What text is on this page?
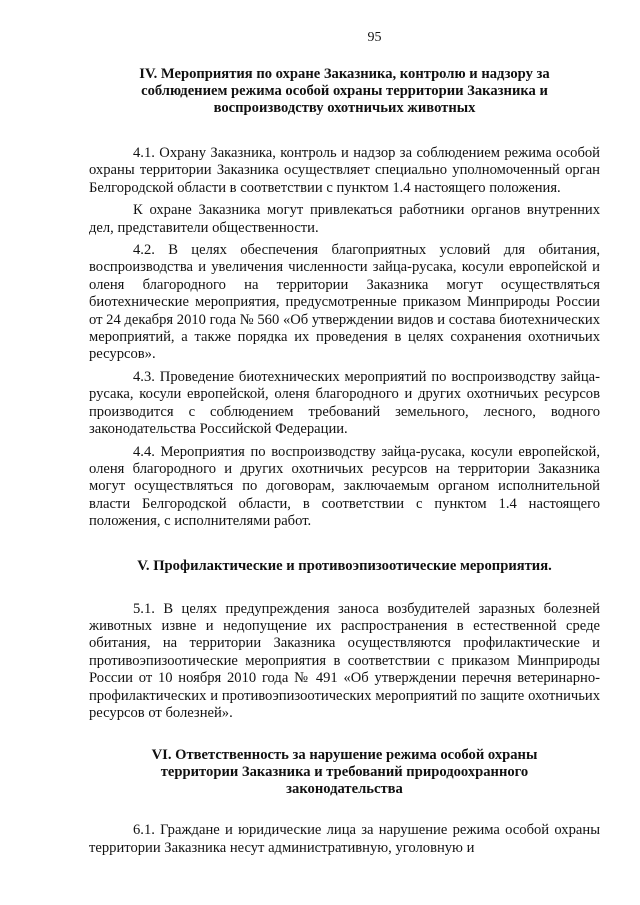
95
IV. Мероприятия по охране Заказника, контролю и надзору за соблюдением режима особой охраны территории Заказника и воспроизводству охотничьих животных

4.1. Охрану Заказника, контроль и надзор за соблюдением режима особой охраны территории Заказника осуществляет специально уполномоченный орган Белгородской области в соответствии с пунктом 1.4 настоящего положения.

К охране Заказника могут привлекаться работники органов внутренних дел, представители общественности.

4.2. В целях обеспечения благоприятных условий для обитания, воспроизводства и увеличения численности зайца-русака, косули европейской и оленя благородного на территории Заказника могут осуществляться биотехнические мероприятия, предусмотренные приказом Минприроды России от 24 декабря 2010 года № 560 «Об утверждении видов и состава биотехнических мероприятий, а также порядка их проведения в целях сохранения охотничьих ресурсов».

4.3. Проведение биотехнических мероприятий по воспроизводству зайца-русака, косули европейской, оленя благородного и других охотничьих ресурсов производится с соблюдением требований земельного, лесного, водного законодательства Российской Федерации.

4.4. Мероприятия по воспроизводству зайца-русака, косули европейской, оленя благородного и других охотничьих ресурсов на территории Заказника могут осуществляться по договорам, заключаемым органом исполнительной власти Белгородской области, в соответствии с пунктом 1.4 настоящего положения, с исполнителями работ.

V. Профилактические и противоэпизоотические мероприятия.

5.1. В целях предупреждения заноса возбудителей заразных болезней животных извне и недопущение их распространения в естественной среде обитания, на территории Заказника осуществляются профилактические и противоэпизоотические мероприятия в соответствии с приказом Минприроды России от 10 ноября 2010 года № 491 «Об утверждении перечня ветеринарно-профилактических и противоэпизоотических мероприятий по защите охотничьих ресурсов от болезней».

VI. Ответственность за нарушение режима особой охраны территории Заказника и требований природоохранного законодательства

6.1. Граждане и юридические лица за нарушение режима особой охраны территории Заказника несут административную, уголовную и
